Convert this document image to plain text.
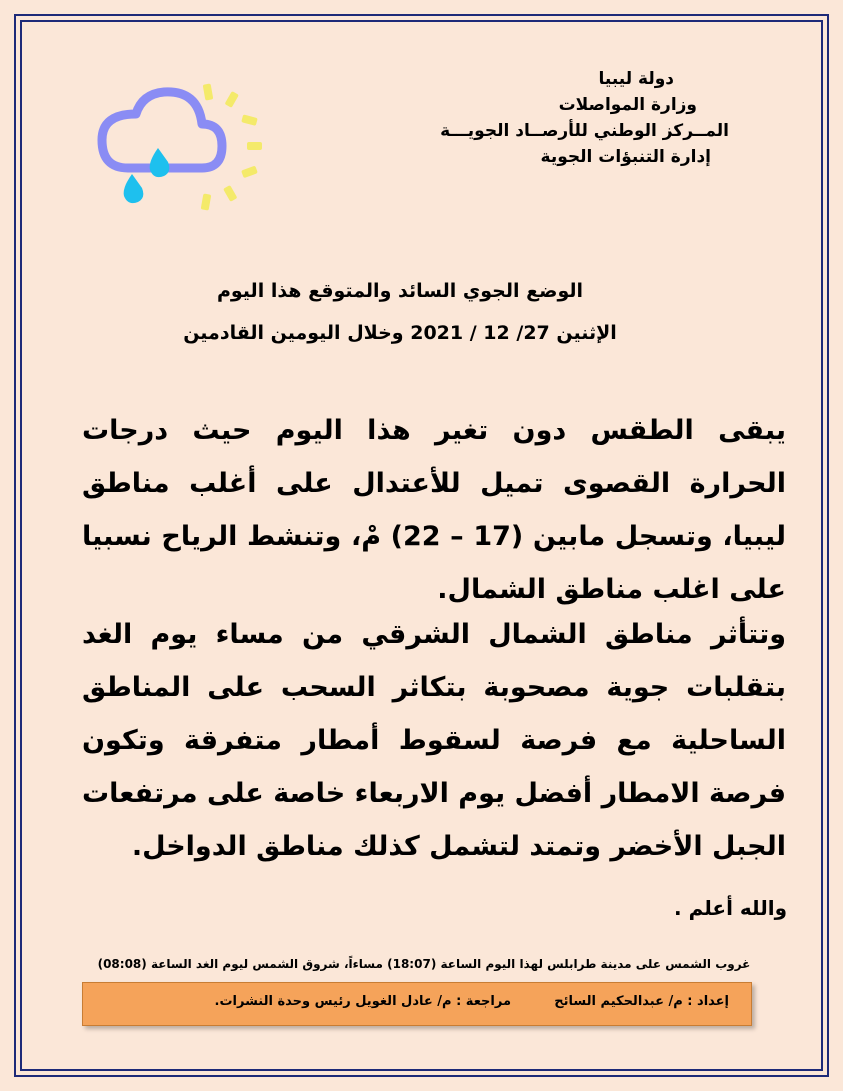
دولة ليبيا
وزارة المواصلات
المــركز الوطني للأرصــاد الجويـــة
إدارة التنبؤات الجوية
الوضع الجوي السائد والمتوقع هذا اليوم
الإثنين 27/ 12 / 2021 وخلال اليومين القادمين
يبقى الطقس دون تغير هذا اليوم حيث درجات الحرارة القصوى تميل للأعتدال على أغلب مناطق ليبيا، وتسجل مابين (17 – 22) مْ، وتنشط الرياح نسبيا على اغلب مناطق الشمال.
وتتأثر مناطق الشمال الشرقي من مساء يوم الغد بتقلبات جوية مصحوبة بتكاثر السحب على المناطق الساحلية مع فرصة لسقوط أمطار متفرقة وتكون فرصة الامطار أفضل يوم الاربعاء خاصة على مرتفعات الجبل الأخضر وتمتد لتشمل كذلك مناطق الدواخل.
والله أعلم .
غروب الشمس على مدينة طرابلس لهذا اليوم الساعة (18:07) مساءاً، شروق الشمس ليوم الغد الساعة (08:08)
إعداد : م/ عبدالحكيم السائح
مراجعة : م/ عادل الغويل رئيس وحدة النشرات.
